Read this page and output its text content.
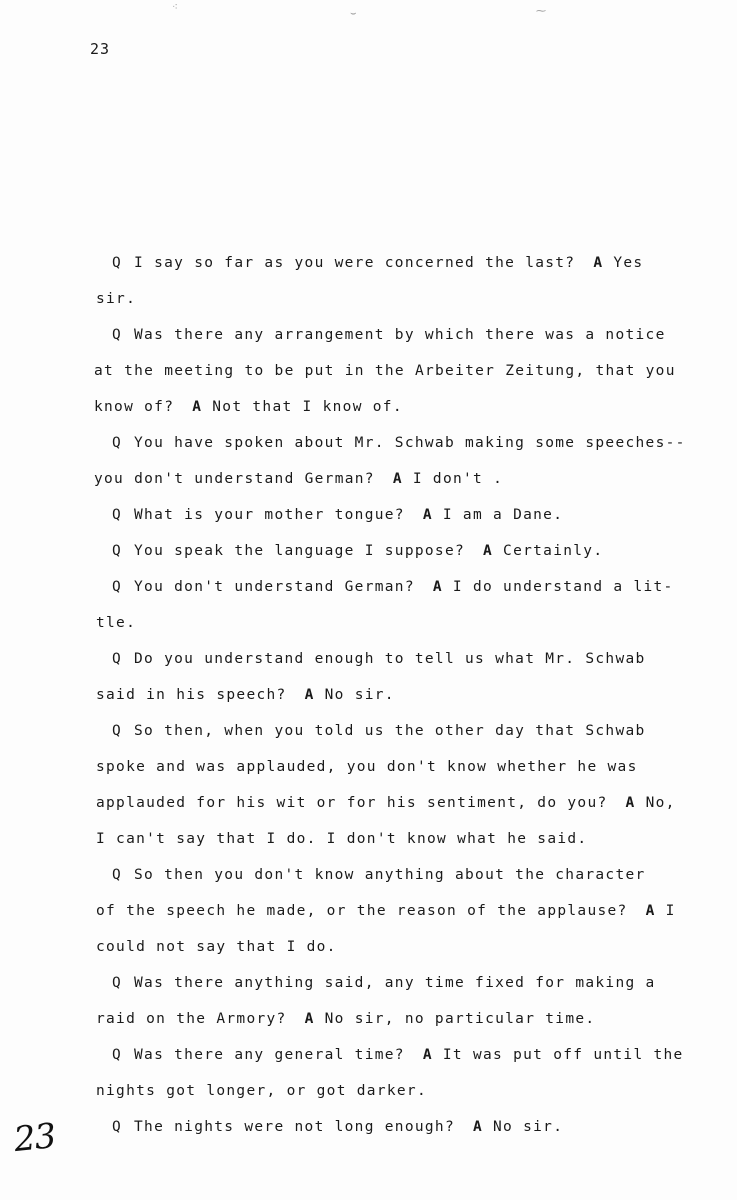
⁖
⌣	⁓
23
Q I say so far as you were concerned the last? A Yes
sir.
Q Was there any arrangement by which there was a notice
at the meeting to be put in the Arbeiter Zeitung, that you
know of? A Not that I know of.
Q You have spoken about Mr. Schwab making some speeches--
you don't understand German? A I don't .
Q What is your mother tongue? A I am a Dane.
Q You speak the language I suppose? A Certainly.
Q You don't understand German? A I do understand a lit-
tle.
Q Do you understand enough to tell us what Mr. Schwab
said in his speech? A No sir.
Q So then, when you told us the other day that Schwab
spoke and was applauded, you don't know whether he was
applauded for his wit or for his sentiment, do you? A No,
I can't say that I do. I don't know what he said.
Q So then you don't know anything about the character
of the speech he made, or the reason of the applause? A I
could not say that I do.
Q Was there anything said, any time fixed for making a
raid on the Armory? A No sir, no particular time.
Q Was there any general time? A It was put off until the
nights got longer, or got darker.
Q The nights were not long enough? A No sir.
23
